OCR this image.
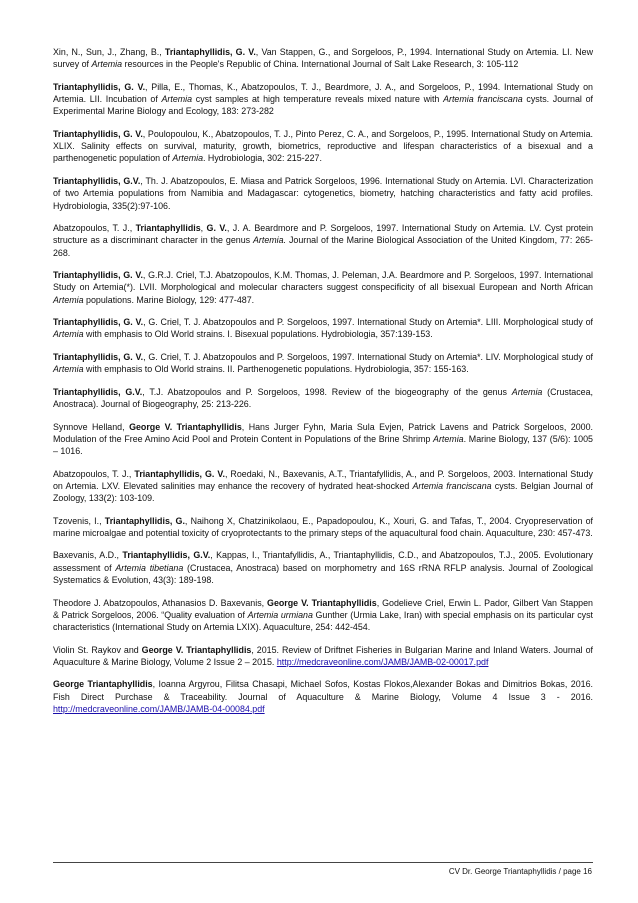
Xin, N., Sun, J., Zhang, B., Triantaphyllidis, G. V., Van Stappen, G., and Sorgeloos, P., 1994. International Study on Artemia. LI. New survey of Artemia resources in the People's Republic of China. International Journal of Salt Lake Research, 3: 105-112

Triantaphyllidis, G. V., Pilla, E., Thomas, K., Abatzopoulos, T. J., Beardmore, J. A., and Sorgeloos, P., 1994. International Study on Artemia. LII. Incubation of Artemia cyst samples at high temperature reveals mixed nature with Artemia franciscana cysts. Journal of Experimental Marine Biology and Ecology, 183: 273-282

Triantaphyllidis, G. V., Poulopoulou, K., Abatzopoulos, T. J., Pinto Perez, C. A., and Sorgeloos, P., 1995. International Study on Artemia. XLIX. Salinity effects on survival, maturity, growth, biometrics, reproductive and lifespan characteristics of a bisexual and a parthenogenetic population of Artemia. Hydrobiologia, 302: 215-227.

Triantaphyllidis, G.V., Th. J. Abatzopoulos, E. Miasa and Patrick Sorgeloos, 1996. International Study on Artemia. LVI. Characterization of two Artemia populations from Namibia and Madagascar: cytogenetics, biometry, hatching characteristics and fatty acid profiles. Hydrobiologia, 335(2):97-106.

Abatzopoulos, T. J., Triantaphyllidis, G. V., J. A. Beardmore and P. Sorgeloos, 1997. International Study on Artemia. LV. Cyst protein structure as a discriminant character in the genus Artemia. Journal of the Marine Biological Association of the United Kingdom, 77: 265-268.

Triantaphyllidis, G. V., G.R.J. Criel, T.J. Abatzopoulos, K.M. Thomas, J. Peleman, J.A. Beardmore and P. Sorgeloos, 1997. International Study on Artemia(*). LVII. Morphological and molecular characters suggest conspecificity of all bisexual European and North African Artemia populations. Marine Biology, 129: 477-487.

Triantaphyllidis, G. V., G. Criel, T. J. Abatzopoulos and P. Sorgeloos, 1997. International Study on Artemia*. LIII. Morphological study of Artemia with emphasis to Old World strains. I. Bisexual populations. Hydrobiologia, 357:139-153.

Triantaphyllidis, G. V., G. Criel, T. J. Abatzopoulos and P. Sorgeloos, 1997. International Study on Artemia*. LIV. Morphological study of Artemia with emphasis to Old World strains. II. Parthenogenetic populations. Hydrobiologia, 357: 155-163.

Triantaphyllidis, G.V., T.J. Abatzopoulos and P. Sorgeloos, 1998. Review of the biogeography of the genus Artemia (Crustacea, Anostraca). Journal of Biogeography, 25: 213-226.

Synnove Helland, George V. Triantaphyllidis, Hans Jurger Fyhn, Maria Sula Evjen, Patrick Lavens and Patrick Sorgeloos, 2000. Modulation of the Free Amino Acid Pool and Protein Content in Populations of the Brine Shrimp Artemia. Marine Biology, 137 (5/6): 1005 – 1016.

Abatzopoulos, T. J., Triantaphyllidis, G. V., Roedaki, N., Baxevanis, A.T., Triantafyllidis, A., and P. Sorgeloos, 2003. International Study on Artemia. LXV. Elevated salinities may enhance the recovery of hydrated heat-shocked Artemia franciscana cysts. Belgian Journal of Zoology, 133(2): 103-109.

Tzovenis, I., Triantaphyllidis, G., Naihong X, Chatzinikolaou, E., Papadopoulou, K., Xouri, G. and Tafas, T., 2004. Cryopreservation of marine microalgae and potential toxicity of cryoprotectants to the primary steps of the aquacultural food chain. Aquaculture, 230: 457-473.

Baxevanis, A.D., Triantaphyllidis, G.V., Kappas, I., Triantafyllidis, A., Triantaphyllidis, C.D., and Abatzopoulos, T.J., 2005. Evolutionary assessment of Artemia tibetiana (Crustacea, Anostraca) based on morphometry and 16S rRNA RFLP analysis. Journal of Zoological Systematics & Evolution, 43(3): 189-198.

Theodore J. Abatzopoulos, Athanasios D. Baxevanis, George V. Triantaphyllidis, Godelieve Criel, Erwin L. Pador, Gilbert Van Stappen & Patrick Sorgeloos, 2006. “Quality evaluation of Artemia urmiana Gunther (Urmia Lake, Iran) with special emphasis on its particular cyst characteristics (International Study on Artemia LXIX). Aquaculture, 254: 442-454.

Violin St. Raykov and George V. Triantaphyllidis, 2015. Review of Driftnet Fisheries in Bulgarian Marine and Inland Waters. Journal of Aquaculture & Marine Biology, Volume 2 Issue 2 – 2015. http://medcraveonline.com/JAMB/JAMB-02-00017.pdf

George Triantaphyllidis, Ioanna Argyrou, Filitsa Chasapi, Michael Sofos, Kostas Flokos,Alexander Bokas and Dimitrios Bokas, 2016. Fish Direct Purchase & Traceability. Journal of Aquaculture & Marine Biology, Volume 4 Issue 3 - 2016. http://medcraveonline.com/JAMB/JAMB-04-00084.pdf

CV Dr. George Triantaphyllidis / page 16
